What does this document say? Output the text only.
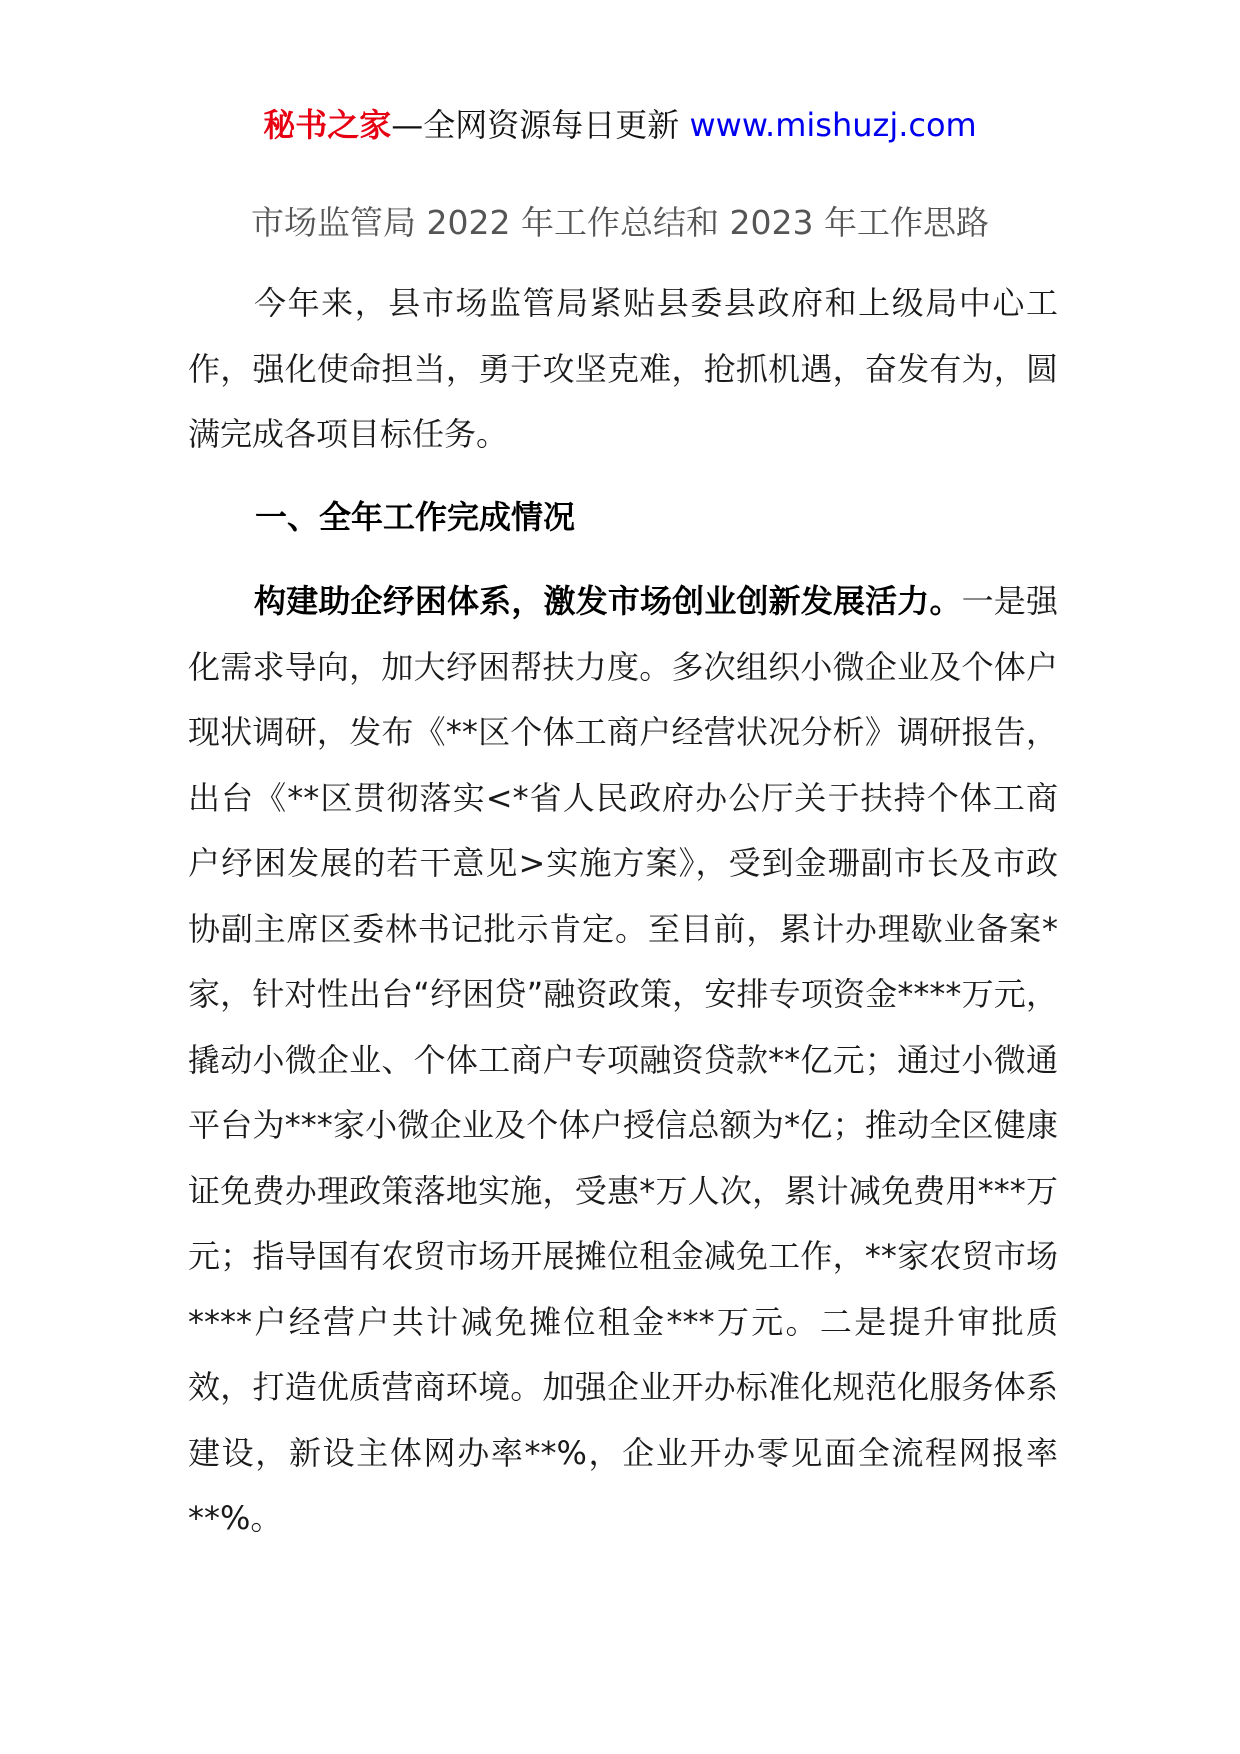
秘书之家—全网资源每日更新 www.mishuzj.com
市场监管局 2022 年工作总结和 2023 年工作思路

今年来，县市场监管局紧贴县委县政府和上级局中心工作，强化使命担当，勇于攻坚克难，抢抓机遇，奋发有为，圆满完成各项目标任务。

一、全年工作完成情况

构建助企纾困体系，激发市场创业创新发展活力。一是强化需求导向，加大纾困帮扶力度。多次组织小微企业及个体户现状调研，发布《**区个体工商户经营状况分析》调研报告，出台《**区贯彻落实<*省人民政府办公厅关于扶持个体工商户纾困发展的若干意见>实施方案》，受到金珊副市长及市政协副主席区委林书记批示肯定。至目前，累计办理歇业备案*家，针对性出台“纾困贷”融资政策，安排专项资金****万元，撬动小微企业、个体工商户专项融资贷款**亿元；通过小微通平台为***家小微企业及个体户授信总额为*亿；推动全区健康证免费办理政策落地实施，受惠*万人次，累计减免费用***万元；指导国有农贸市场开展摊位租金减免工作，**家农贸市场****户经营户共计减免摊位租金***万元。二是提升审批质效，打造优质营商环境。加强企业开办标准化规范化服务体系建设，新设主体网办率**%，企业开办零见面全流程网报率**%。
